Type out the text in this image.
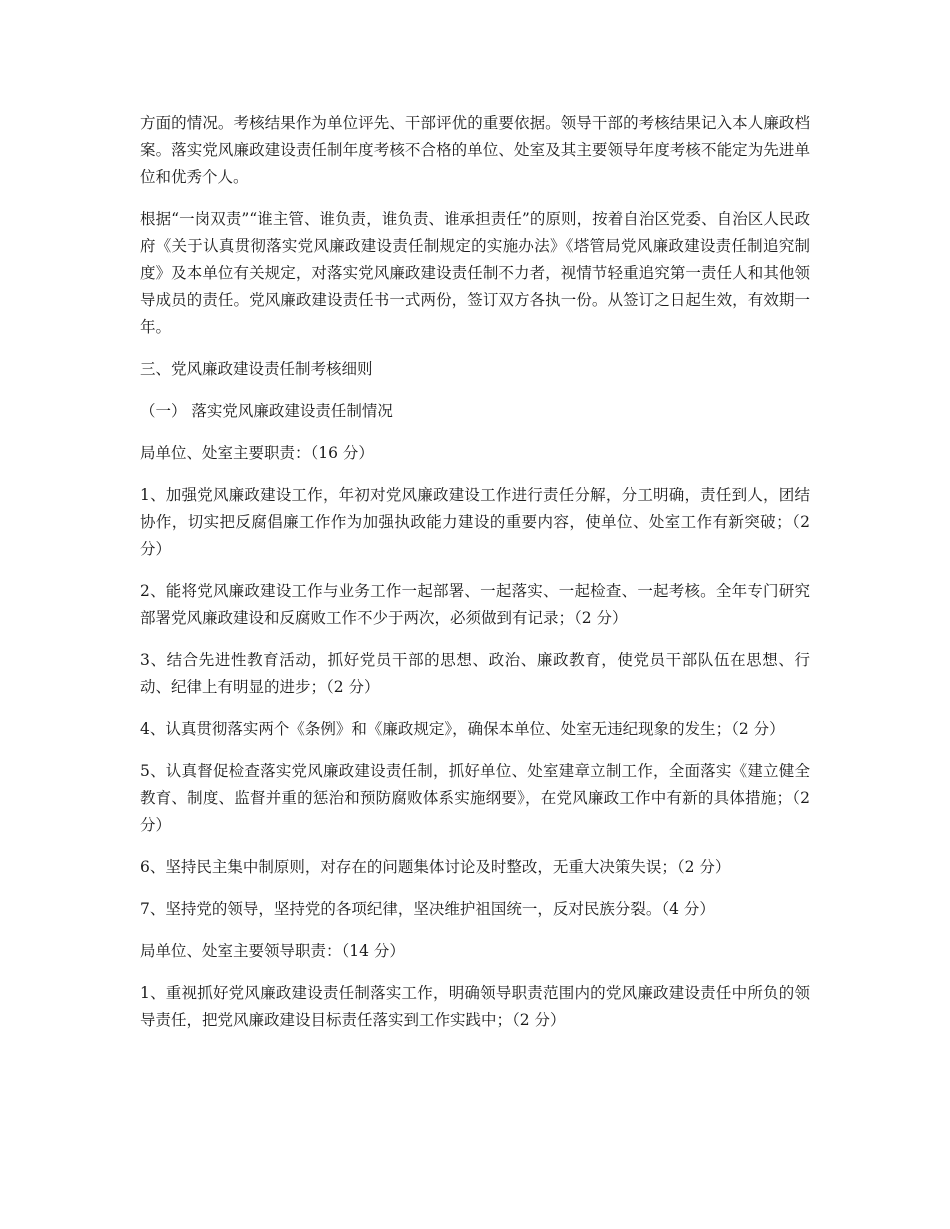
方面的情况。考核结果作为单位评先、干部评优的重要依据。领导干部的考核结果记入本人廉政档案。落实党风廉政建设责任制年度考核不合格的单位、处室及其主要领导年度考核不能定为先进单位和优秀个人。

根据“一岗双责”“谁主管、谁负责，谁负责、谁承担责任”的原则，按着自治区党委、自治区人民政府《关于认真贯彻落实党风廉政建设责任制规定的实施办法》《塔管局党风廉政建设责任制追究制度》及本单位有关规定，对落实党风廉政建设责任制不力者，视情节轻重追究第一责任人和其他领导成员的责任。党风廉政建设责任书一式两份，签订双方各执一份。从签订之日起生效，有效期一年。

三、党风廉政建设责任制考核细则

（一） 落实党风廉政建设责任制情况

局单位、处室主要职责：（16 分）

1、加强党风廉政建设工作，年初对党风廉政建设工作进行责任分解，分工明确，责任到人，团结协作，切实把反腐倡廉工作作为加强执政能力建设的重要内容，使单位、处室工作有新突破；（2 分）

2、能将党风廉政建设工作与业务工作一起部署、一起落实、一起检查、一起考核。全年专门研究部署党风廉政建设和反腐败工作不少于两次，必须做到有记录；（2 分）

3、结合先进性教育活动，抓好党员干部的思想、政治、廉政教育，使党员干部队伍在思想、行动、纪律上有明显的进步；（2 分）

4、认真贯彻落实两个《条例》和《廉政规定》，确保本单位、处室无违纪现象的发生；（2 分）

5、认真督促检查落实党风廉政建设责任制，抓好单位、处室建章立制工作，全面落实《建立健全教育、制度、监督并重的惩治和预防腐败体系实施纲要》，在党风廉政工作中有新的具体措施；（2 分）

6、坚持民主集中制原则，对存在的问题集体讨论及时整改，无重大决策失误；（2 分）

7、坚持党的领导，坚持党的各项纪律，坚决维护祖国统一，反对民族分裂。（4 分）

局单位、处室主要领导职责：（14 分）

1、重视抓好党风廉政建设责任制落实工作，明确领导职责范围内的党风廉政建设责任中所负的领导责任，把党风廉政建设目标责任落实到工作实践中；（2 分）
